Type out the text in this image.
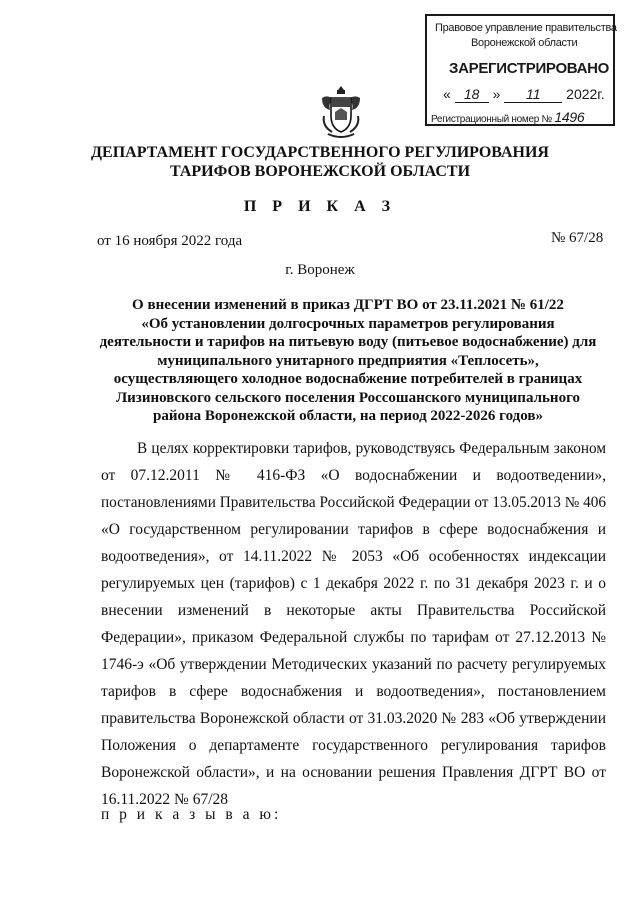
Правовое управление правительства
Воронежской области
ЗАРЕГИСТРИРОВАНО
« 18 » 11 2022г.
Регистрационный номер № 1496
ДЕПАРТАМЕНТ ГОСУДАРСТВЕННОГО РЕГУЛИРОВАНИЯ
ТАРИФОВ ВОРОНЕЖСКОЙ ОБЛАСТИ
П Р И К А З
от 16 ноября 2022 года	№ 67/28
г. Воронеж
О внесении изменений в приказ ДГРТ ВО от 23.11.2021 № 61/22
«Об установлении долгосрочных параметров регулирования
деятельности и тарифов на питьевую воду (питьевое водоснабжение) для
муниципального унитарного предприятия «Теплосеть»,
осуществляющего холодное водоснабжение потребителей в границах
Лизиновского сельского поселения Россошанского муниципального
района Воронежской области, на период 2022-2026 годов»
В целях корректировки тарифов, руководствуясь Федеральным законом
от 07.12.2011 № 416-ФЗ «О водоснабжении и водоотведении»,
постановлениями Правительства Российской Федерации от 13.05.2013 № 406
«О государственном регулировании тарифов в сфере водоснабжения и
водоотведения», от 14.11.2022 № 2053 «Об особенностях индексации
регулируемых цен (тарифов) с 1 декабря 2022 г. по 31 декабря 2023 г. и о
внесении изменений в некоторые акты Правительства Российской
Федерации», приказом Федеральной службы по тарифам от 27.12.2013 №
1746-э «Об утверждении Методических указаний по расчету регулируемых
тарифов в сфере водоснабжения и водоотведения», постановлением
правительства Воронежской области от 31.03.2020 № 283 «Об утверждении
Положения о департаменте государственного регулирования тарифов
Воронежской области», и на основании решения Правления ДГРТ ВО от
16.11.2022 № 67/28
п р и к а з ы в а ю:
